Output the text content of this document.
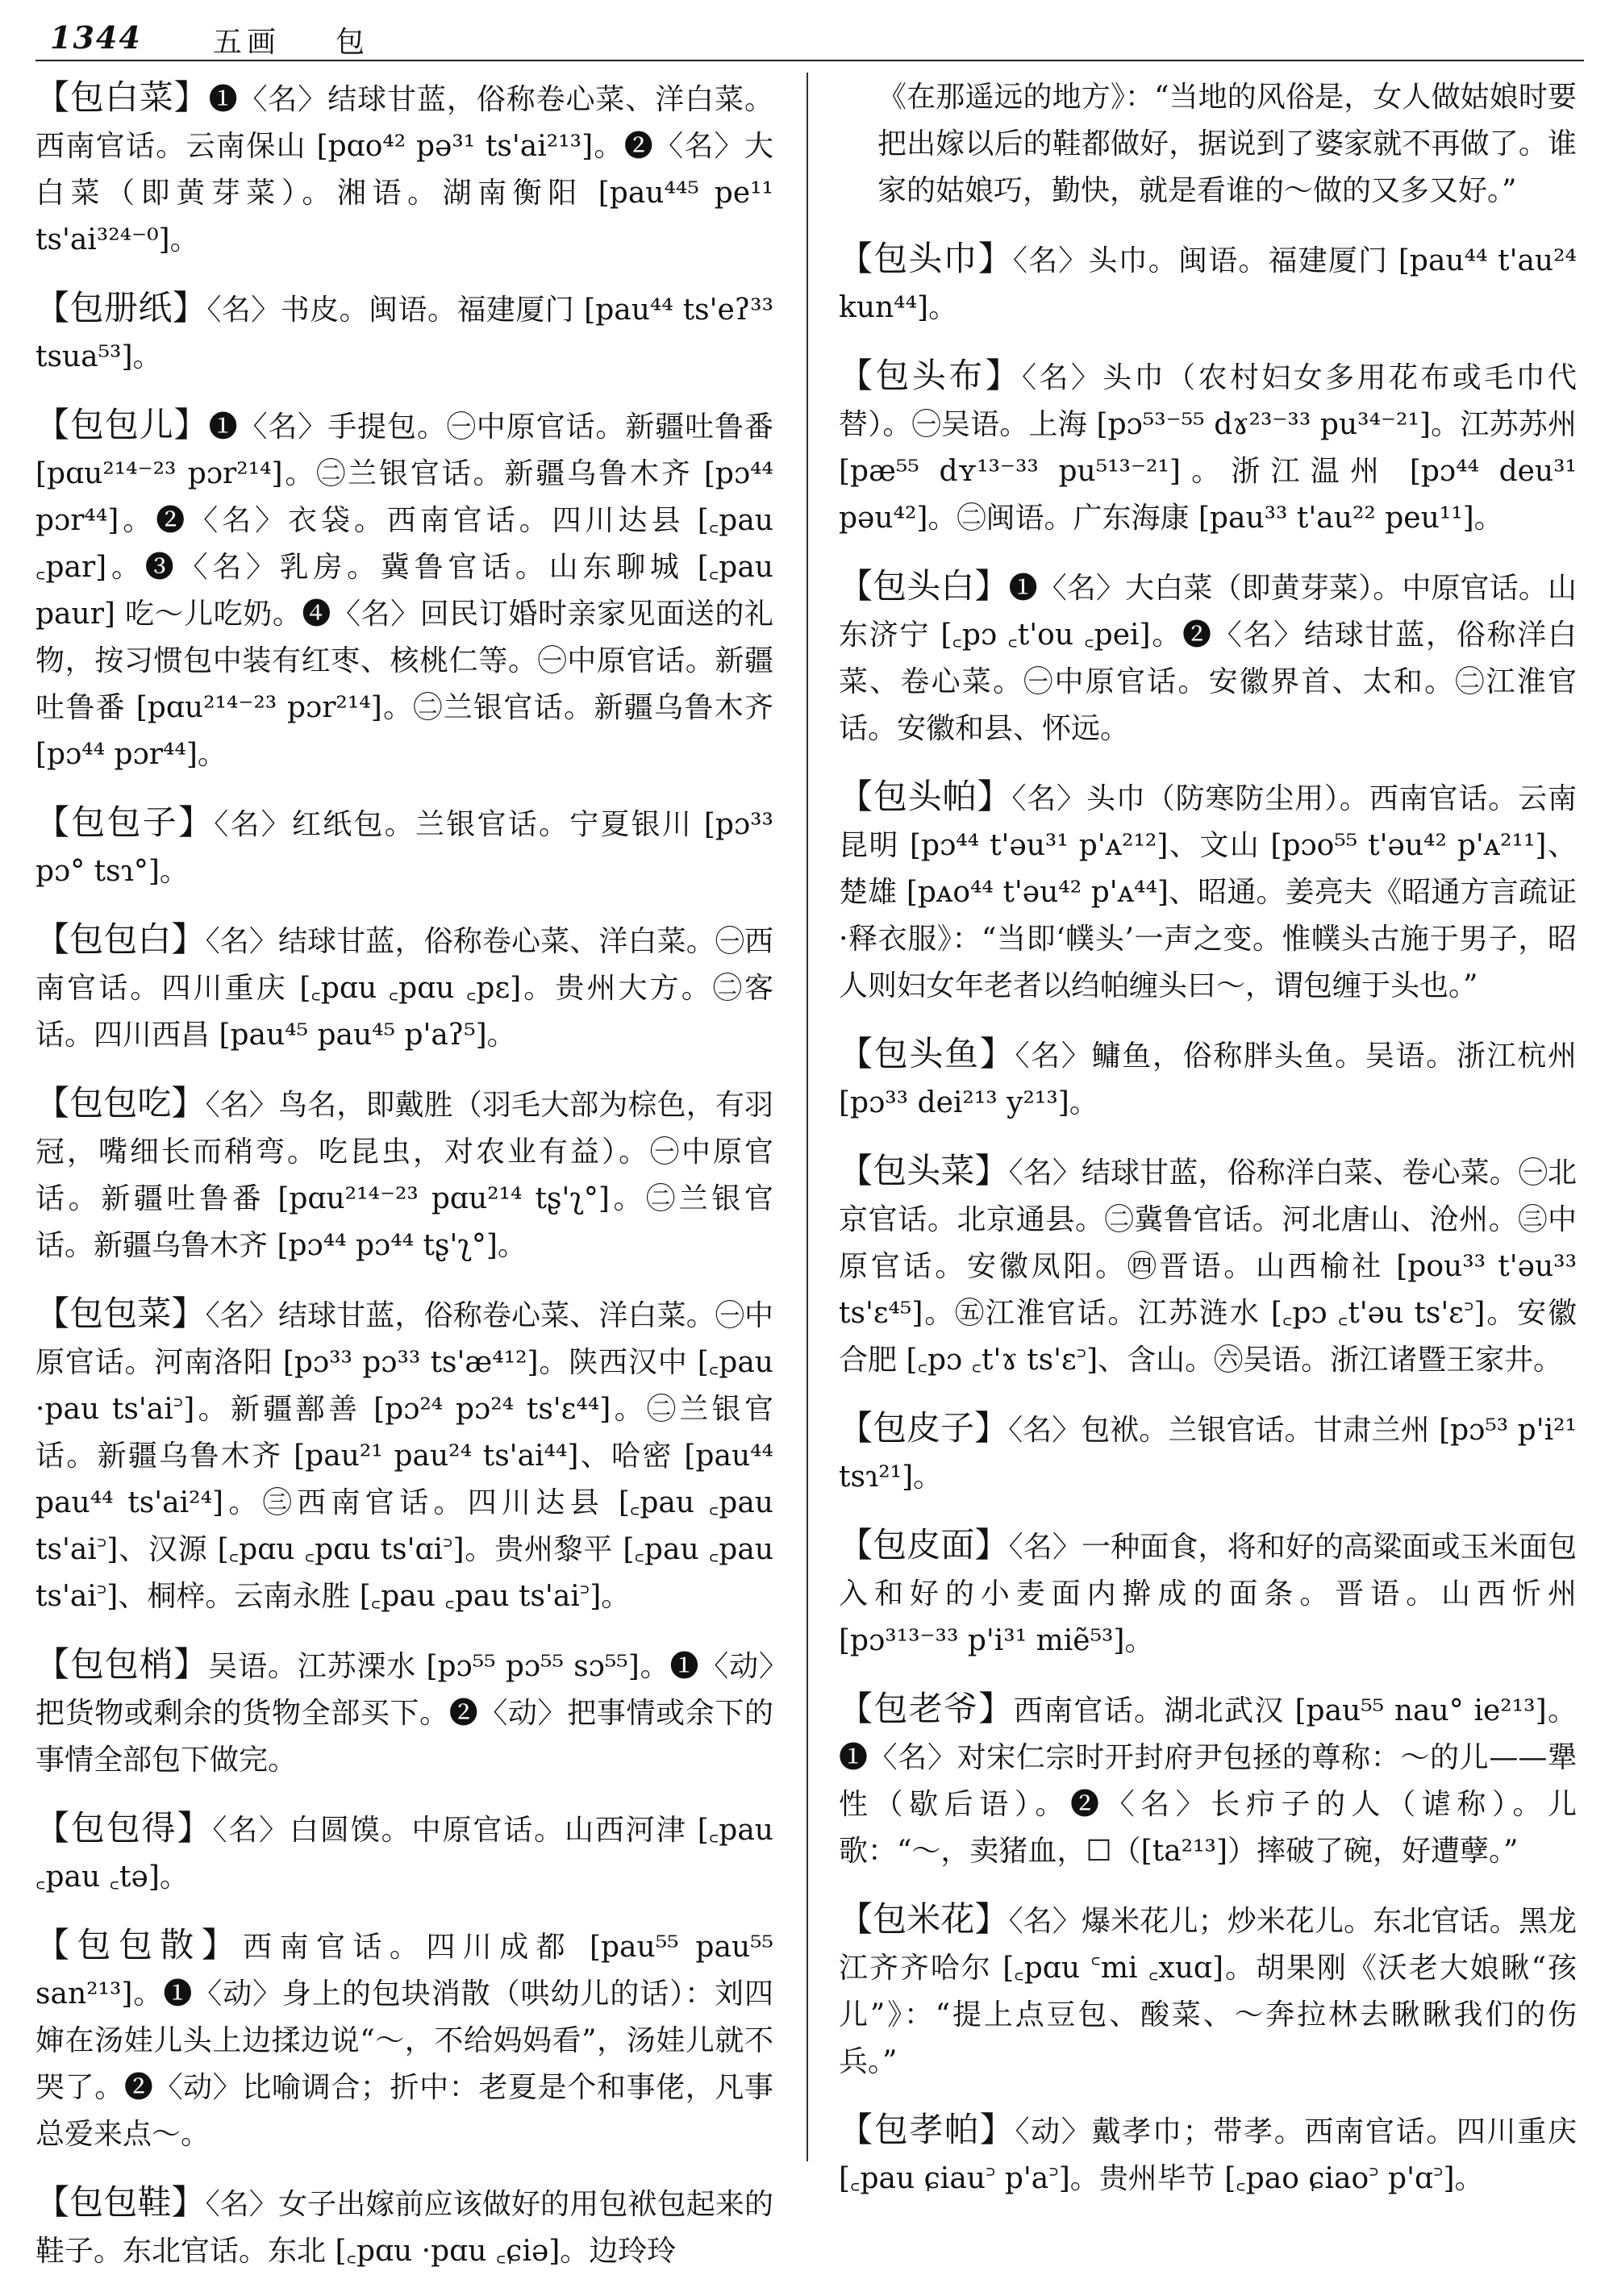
1344 五画 包

【包白菜】❶〈名〉结球甘蓝，俗称卷心菜、洋白菜。西南官话。云南保山 [pɑo⁴² pə³¹ ts'ai²¹³]。❷〈名〉大白菜（即黄芽菜）。湘语。湖南衡阳 [pau⁴⁴⁵ pe¹¹ ts'ai³²⁴⁻⁰]。

【包册纸】〈名〉书皮。闽语。福建厦门 [pau⁴⁴ ts'eʔ³³ tsua⁵³]。

【包包儿】❶〈名〉手提包。㊀中原官话。新疆吐鲁番 [pɑu²¹⁴⁻²³ pɔr²¹⁴]。㊁兰银官话。新疆乌鲁木齐 [pɔ⁴⁴ pɔr⁴⁴]。❷〈名〉衣袋。西南官话。四川达县 [꜀pau ꜀par]。❸〈名〉乳房。冀鲁官话。山东聊城 [꜀pau paur] 吃～儿吃奶。❹〈名〉回民订婚时亲家见面送的礼物，按习惯包中装有红枣、核桃仁等。㊀中原官话。新疆吐鲁番 [pɑu²¹⁴⁻²³ pɔr²¹⁴]。㊁兰银官话。新疆乌鲁木齐 [pɔ⁴⁴ pɔr⁴⁴]。

【包包子】〈名〉红纸包。兰银官话。宁夏银川 [pɔ³³ pɔ° tsɿ°]。

【包包白】〈名〉结球甘蓝，俗称卷心菜、洋白菜。㊀西南官话。四川重庆 [꜀pɑu ꜀pɑu ꜀pɛ]。贵州大方。㊁客话。四川西昌 [pau⁴⁵ pau⁴⁵ p'aʔ⁵]。

【包包吃】〈名〉鸟名，即戴胜（羽毛大部为棕色，有羽冠，嘴细长而稍弯。吃昆虫，对农业有益）。㊀中原官话。新疆吐鲁番 [pɑu²¹⁴⁻²³ pɑu²¹⁴ tʂ'ʅ°]。㊁兰银官话。新疆乌鲁木齐 [pɔ⁴⁴ pɔ⁴⁴ tʂ'ʅ°]。

【包包菜】〈名〉结球甘蓝，俗称卷心菜、洋白菜。㊀中原官话。河南洛阳 [pɔ³³ pɔ³³ ts'æ⁴¹²]。陕西汉中 [꜀pau ·pau ts'ai꜄]。新疆鄯善 [pɔ²⁴ pɔ²⁴ ts'ɛ⁴⁴]。㊁兰银官话。新疆乌鲁木齐 [pau²¹ pau²⁴ ts'ai⁴⁴]、哈密 [pau⁴⁴ pau⁴⁴ ts'ai²⁴]。㊂西南官话。四川达县 [꜀pau ꜀pau ts'ai꜄]、汉源 [꜀pɑu ꜀pɑu ts'ɑi꜄]。贵州黎平 [꜀pau ꜀pau ts'ai꜄]、桐梓。云南永胜 [꜀pau ꜀pau ts'ai꜄]。

【包包梢】吴语。江苏溧水 [pɔ⁵⁵ pɔ⁵⁵ sɔ⁵⁵]。❶〈动〉把货物或剩余的货物全部买下。❷〈动〉把事情或余下的事情全部包下做完。

【包包得】〈名〉白圆馍。中原官话。山西河津 [꜀pau ꜀pau ꜀tə]。

【包包散】西南官话。四川成都 [pau⁵⁵ pau⁵⁵ san²¹³]。❶〈动〉身上的包块消散（哄幼儿的话）：刘四婶在汤娃儿头上边揉边说“～，不给妈妈看”，汤娃儿就不哭了。❷〈动〉比喻调合；折中：老夏是个和事佬，凡事总爱来点～。

【包包鞋】〈名〉女子出嫁前应该做好的用包袱包起来的鞋子。东北官话。东北 [꜀pɑu ·pɑu ꜀ɕiə]。边玲玲

《在那遥远的地方》：“当地的风俗是，女人做姑娘时要把出嫁以后的鞋都做好，据说到了婆家就不再做了。谁家的姑娘巧，勤快，就是看谁的～做的又多又好。”

【包头巾】〈名〉头巾。闽语。福建厦门 [pau⁴⁴ t'au²⁴ kun⁴⁴]。

【包头布】〈名〉头巾（农村妇女多用花布或毛巾代替）。㊀吴语。上海 [pɔ⁵³⁻⁵⁵ dɤ²³⁻³³ pu³⁴⁻²¹]。江苏苏州 [pæ⁵⁵ dʏ¹³⁻³³ pu⁵¹³⁻²¹]。浙江温州 [pɔ⁴⁴ deu³¹ pəu⁴²]。㊁闽语。广东海康 [pau³³ t'au²² peu¹¹]。

【包头白】❶〈名〉大白菜（即黄芽菜）。中原官话。山东济宁 [꜀pɔ ꜀t'ou ꜀pei]。❷〈名〉结球甘蓝，俗称洋白菜、卷心菜。㊀中原官话。安徽界首、太和。㊁江淮官话。安徽和县、怀远。

【包头帕】〈名〉头巾（防寒防尘用）。西南官话。云南昆明 [pɔ⁴⁴ t'əu³¹ p'ᴀ²¹²]、文山 [pɔo⁵⁵ t'əu⁴² p'ᴀ²¹¹]、楚雄 [pᴀo⁴⁴ t'əu⁴² p'ᴀ⁴⁴]、昭通。姜亮夫《昭通方言疏证·释衣服》：“当即‘幞头’一声之变。惟幞头古施于男子，昭人则妇女年老者以绉帕缠头曰～，谓包缠于头也。”

【包头鱼】〈名〉鳙鱼，俗称胖头鱼。吴语。浙江杭州 [pɔ³³ dei²¹³ y²¹³]。

【包头菜】〈名〉结球甘蓝，俗称洋白菜、卷心菜。㊀北京官话。北京通县。㊁冀鲁官话。河北唐山、沧州。㊂中原官话。安徽凤阳。㊃晋语。山西榆社 [pou³³ t'əu³³ ts'ɛ⁴⁵]。㊄江淮官话。江苏涟水 [꜀pɔ ꜀t'əu ts'ɛ꜄]。安徽合肥 [꜀pɔ ꜀t'ɤ ts'ɛ꜄]、含山。㊅吴语。浙江诸暨王家井。

【包皮子】〈名〉包袱。兰银官话。甘肃兰州 [pɔ⁵³ p'i²¹ tsɿ²¹]。

【包皮面】〈名〉一种面食，将和好的高粱面或玉米面包入和好的小麦面内擀成的面条。晋语。山西忻州 [pɔ³¹³⁻³³ p'i³¹ miẽ⁵³]。

【包老爷】西南官话。湖北武汉 [pau⁵⁵ nau° ie²¹³]。❶〈名〉对宋仁宗时开封府尹包拯的尊称：～的儿——犟性（歇后语）。❷〈名〉长疖子的人（谑称）。儿歌：“～，卖猪血，☐（[ta²¹³]）摔破了碗，好遭孽。”

【包米花】〈名〉爆米花儿；炒米花儿。东北官话。黑龙江齐齐哈尔 [꜀pɑu ꜂mi ꜀xuɑ]。胡果刚《沃老大娘瞅“孩儿”》：“提上点豆包、酸菜、～奔拉林去瞅瞅我们的伤兵。”

【包孝帕】〈动〉戴孝巾；带孝。西南官话。四川重庆 [꜀pau ɕiau꜄ p'a꜄]。贵州毕节 [꜀pao ɕiao꜄ p'ɑ꜄]。
